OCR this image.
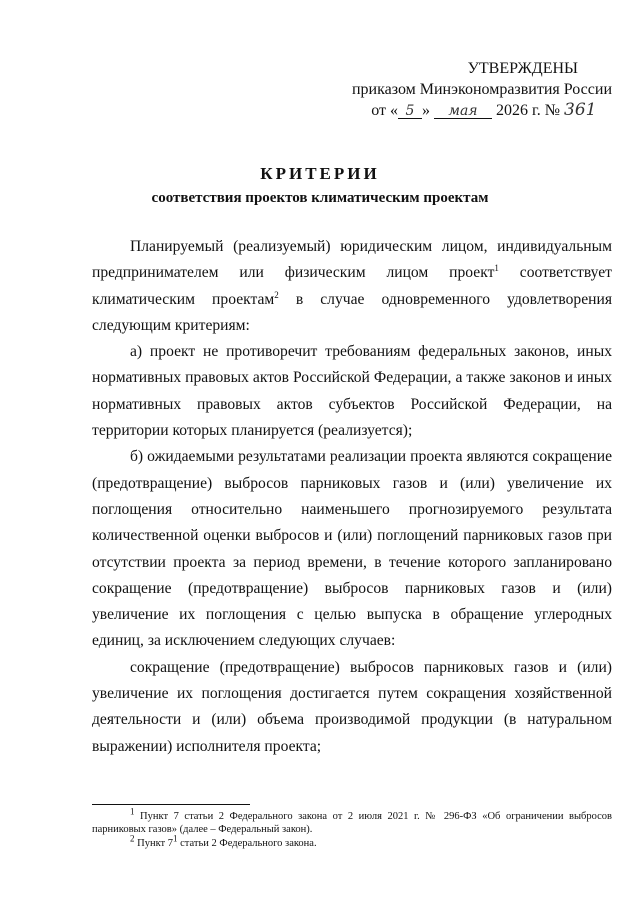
УТВЕРЖДЕНЫ
приказом Минэкономразвития России
от « 5 » мая 2026 г. № 361
КРИТЕРИИ
соответствия проектов климатическим проектам

Планируемый (реализуемый) юридическим лицом, индивидуальным предпринимателем или физическим лицом проект$^1$ соответствует климатическим проектам$^2$ в случае одновременного удовлетворения следующим критериям:

а) проект не противоречит требованиям федеральных законов, иных нормативных правовых актов Российской Федерации, а также законов и иных нормативных правовых актов субъектов Российской Федерации, на территории которых планируется (реализуется);

б) ожидаемыми результатами реализации проекта являются сокращение (предотвращение) выбросов парниковых газов и (или) увеличение их поглощения относительно наименьшего прогнозируемого результата количественной оценки выбросов и (или) поглощений парниковых газов при отсутствии проекта за период времени, в течение которого запланировано сокращение (предотвращение) выбросов парниковых газов и (или) увеличение их поглощения с целью выпуска в обращение углеродных единиц, за исключением следующих случаев:

сокращение (предотвращение) выбросов парниковых газов и (или) увеличение их поглощения достигается путем сокращения хозяйственной деятельности и (или) объема производимой продукции (в натуральном выражении) исполнителя проекта;

$^1$ Пункт 7 статьи 2 Федерального закона от 2 июля 2021 г. № 296-ФЗ «Об ограничении выбросов парниковых газов» (далее – Федеральный закон).

$^2$ Пункт $7^1$ статьи 2 Федерального закона.
